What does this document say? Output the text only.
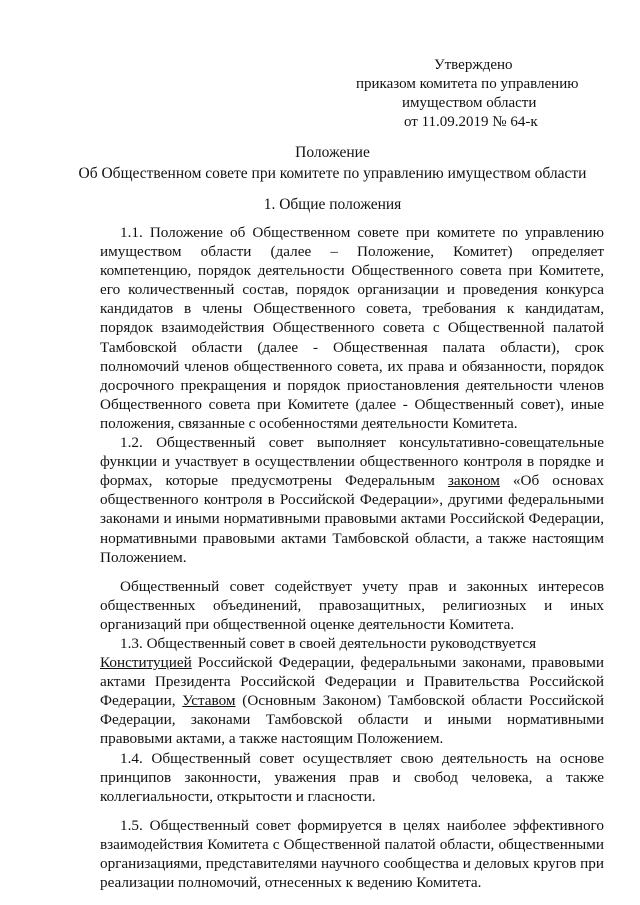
Утверждено
приказом комитета по управлению
имуществом области
от 11.09.2019 № 64-к
Положение
Об Общественном совете при комитете по управлению имуществом области
1. Общие положения

1.1. Положение об Общественном совете при комитете по управлению имуществом области (далее – Положение, Комитет) определяет компетенцию, порядок деятельности Общественного совета при Комитете, его количественный состав, порядок организации и проведения конкурса кандидатов в члены Общественного совета, требования к кандидатам, порядок взаимодействия Общественного совета с Общественной палатой Тамбовской области (далее - Общественная палата области), срок полномочий членов общественного совета, их права и обязанности, порядок досрочного прекращения и порядок приостановления деятельности членов Общественного совета при Комитете (далее - Общественный совет), иные положения, связанные с особенностями деятельности Комитета.

1.2. Общественный совет выполняет консультативно-совещательные функции и участвует в осуществлении общественного контроля в порядке и формах, которые предусмотрены Федеральным законом «Об основах общественного контроля в Российской Федерации», другими федеральными законами и иными нормативными правовыми актами Российской Федерации, нормативными правовыми актами Тамбовской области, а также настоящим Положением.

Общественный совет содействует учету прав и законных интересов общественных объединений, правозащитных, религиозных и иных организаций при общественной оценке деятельности Комитета.

1.3. Общественный совет в своей деятельности руководствуется
Конституцией Российской Федерации, федеральными законами, правовыми актами Президента Российской Федерации и Правительства Российской Федерации, Уставом (Основным Законом) Тамбовской области Российской Федерации, законами Тамбовской области и иными нормативными правовыми актами, а также настоящим Положением.

1.4. Общественный совет осуществляет свою деятельность на основе принципов законности, уважения прав и свобод человека, а также коллегиальности, открытости и гласности.

1.5. Общественный совет формируется в целях наиболее эффективного взаимодействия Комитета с Общественной палатой области, общественными организациями, представителями научного сообщества и деловых кругов при реализации полномочий, отнесенных к ведению Комитета.
